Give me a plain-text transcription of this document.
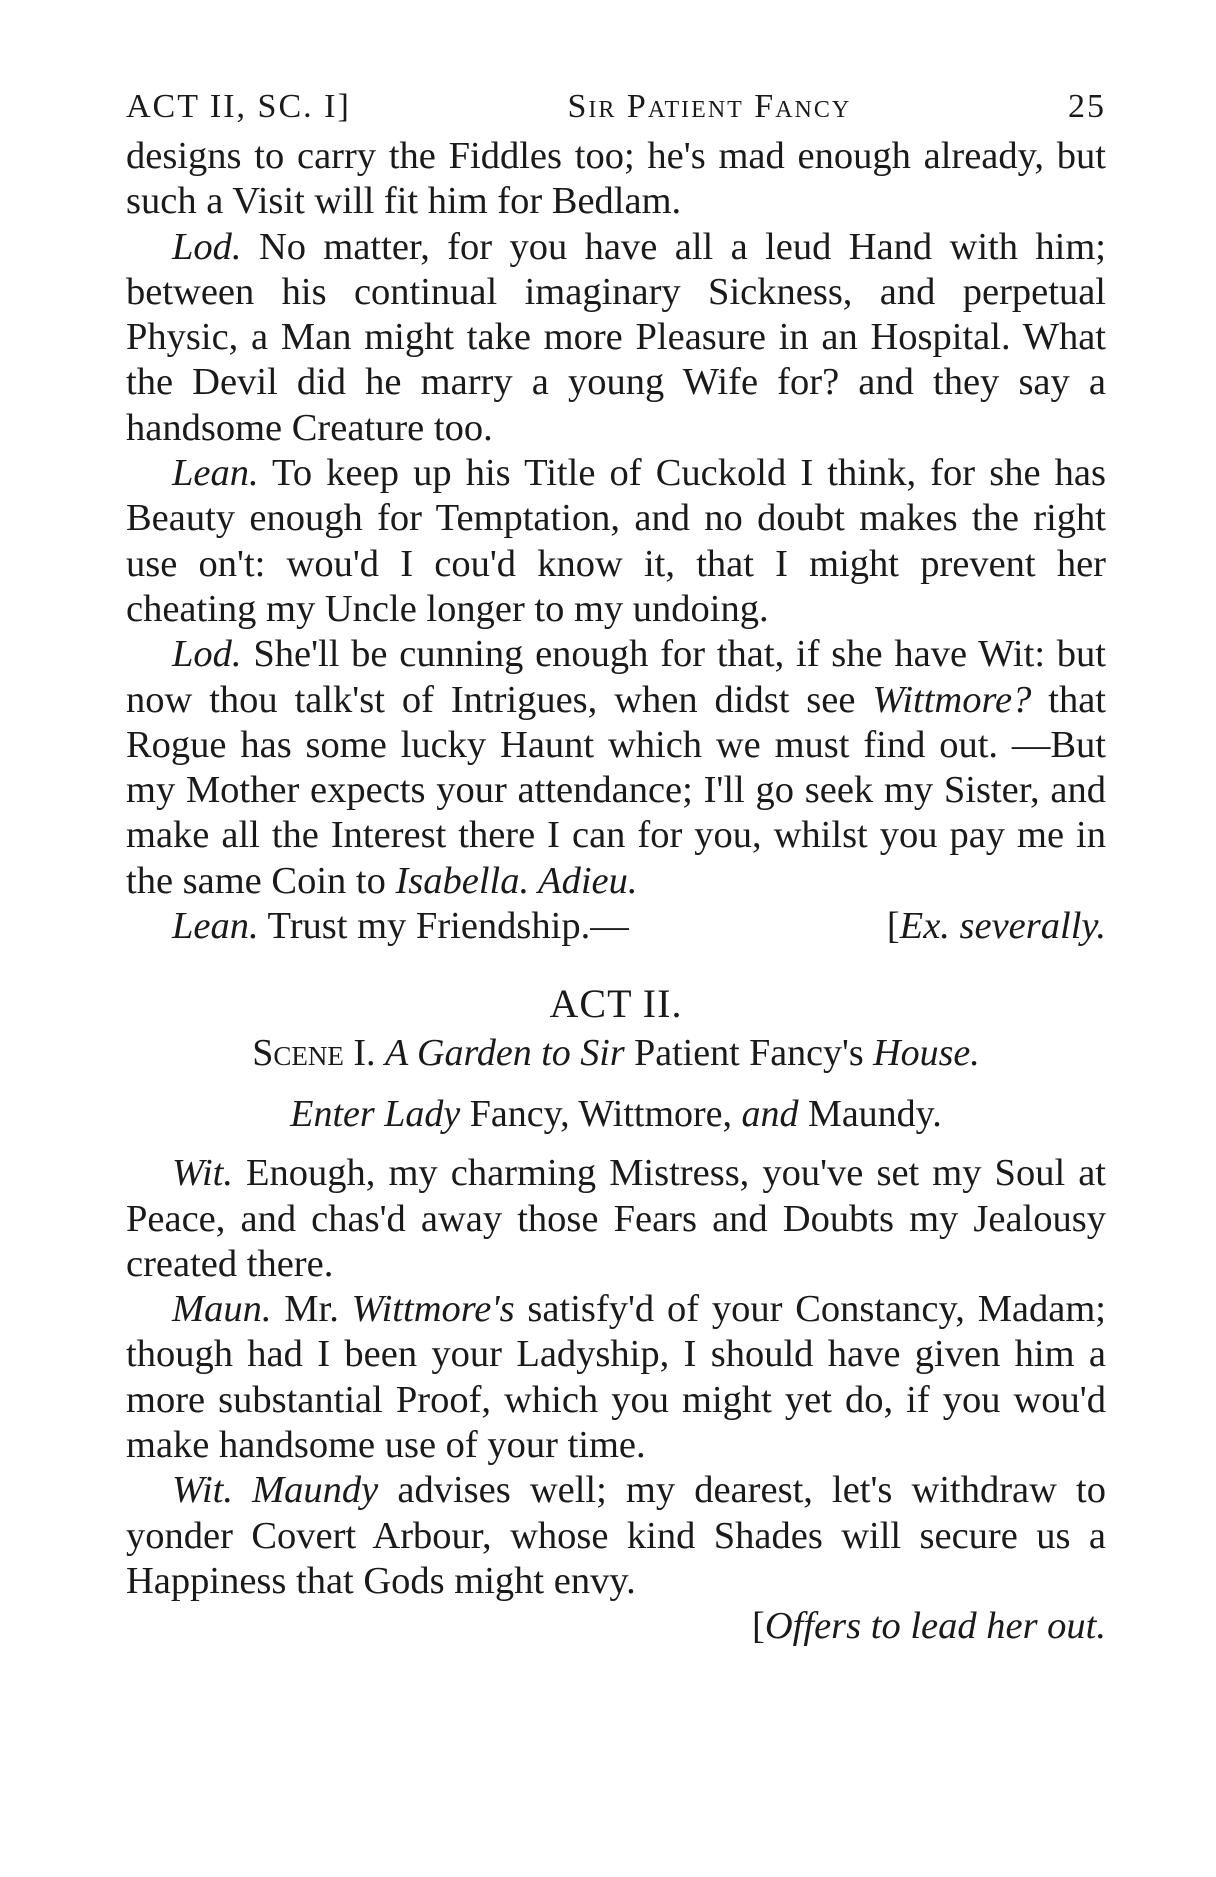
ACT II, SC. I]	Sir Patient Fancy	25

designs to carry the Fiddles too; he's mad enough already, but such a Visit will fit him for Bedlam.

Lod. No matter, for you have all a leud Hand with him; between his continual imaginary Sickness, and perpetual Physic, a Man might take more Pleasure in an Hospital. What the Devil did he marry a young Wife for? and they say a handsome Creature too.

Lean. To keep up his Title of Cuckold I think, for she has Beauty enough for Temptation, and no doubt makes the right use on't: wou'd I cou'd know it, that I might prevent her cheating my Uncle longer to my undoing.

Lod. She'll be cunning enough for that, if she have Wit: but now thou talk'st of Intrigues, when didst see Wittmore? that Rogue has some lucky Haunt which we must find out. —But my Mother expects your attendance; I'll go seek my Sister, and make all the Interest there I can for you, whilst you pay me in the same Coin to Isabella. Adieu.

Lean. Trust my Friendship.—	[Ex. severally.

ACT II.
Scene I. A Garden to Sir Patient Fancy's House.
Enter Lady Fancy, Wittmore, and Maundy.

Wit. Enough, my charming Mistress, you've set my Soul at Peace, and chas'd away those Fears and Doubts my Jealousy created there.

Maun. Mr. Wittmore's satisfy'd of your Constancy, Madam; though had I been your Ladyship, I should have given him a more substantial Proof, which you might yet do, if you wou'd make handsome use of your time.

Wit. Maundy advises well; my dearest, let's withdraw to yonder Covert Arbour, whose kind Shades will secure us a Happiness that Gods might envy.

[Offers to lead her out.
